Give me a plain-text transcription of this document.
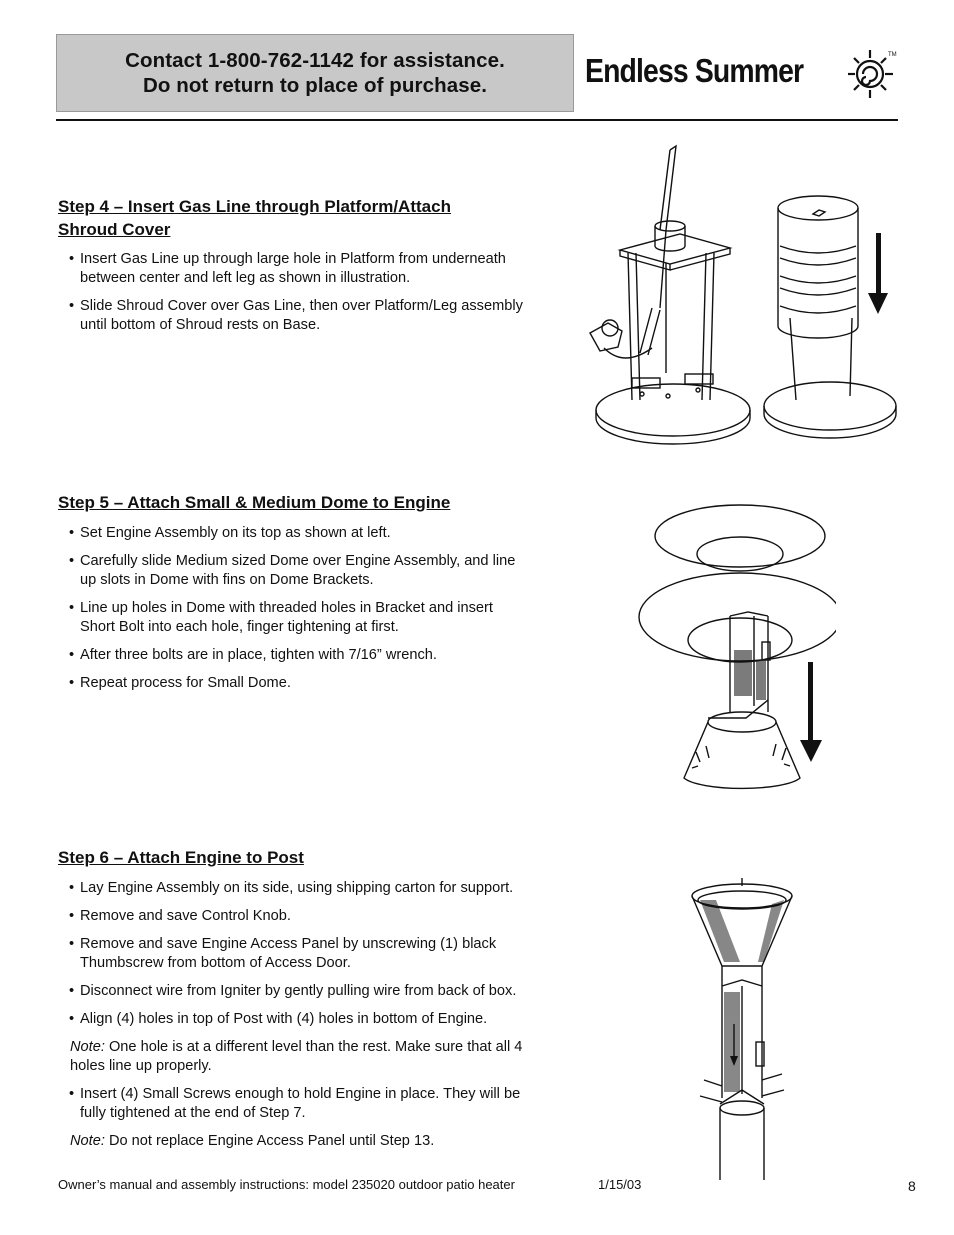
Contact 1-800-762-1142 for assistance.
Do not return to place of purchase.	Endless Summer	TM
Step 4 – Insert Gas Line through Platform/Attach
Shroud Cover
• Insert Gas Line up through large hole in Platform from underneath
between center and left leg as shown in illustration.
• Slide Shroud Cover over Gas Line, then over Platform/Leg assembly
until bottom of Shroud rests on Base.
Step 5 – Attach Small & Medium Dome to Engine
• Set Engine Assembly on its top as shown at left.
• Carefully slide Medium sized Dome over Engine Assembly, and line
up slots in Dome with fins on Dome Brackets.
• Line up holes in Dome with threaded holes in Bracket and insert
Short Bolt into each hole, finger tightening at first.
• After three bolts are in place, tighten with 7/16” wrench.
• Repeat process for Small Dome.
Step 6 – Attach Engine to Post
• Lay Engine Assembly on its side, using shipping carton for support.
• Remove and save Control Knob.
• Remove and save Engine Access Panel by unscrewing (1) black
Thumbscrew from bottom of Access Door.
• Disconnect wire from Igniter by gently pulling wire from back of box.
• Align (4) holes in top of Post with (4) holes in bottom of Engine.
Note: One hole is at a different level than the rest. Make sure that all 4
holes line up properly.
• Insert (4) Small Screws enough to hold Engine in place. They will be
fully tightened at the end of Step 7.
Note: Do not replace Engine Access Panel until Step 13.
Owner’s manual and assembly instructions: model 235020 outdoor patio heater	1/15/03	8
